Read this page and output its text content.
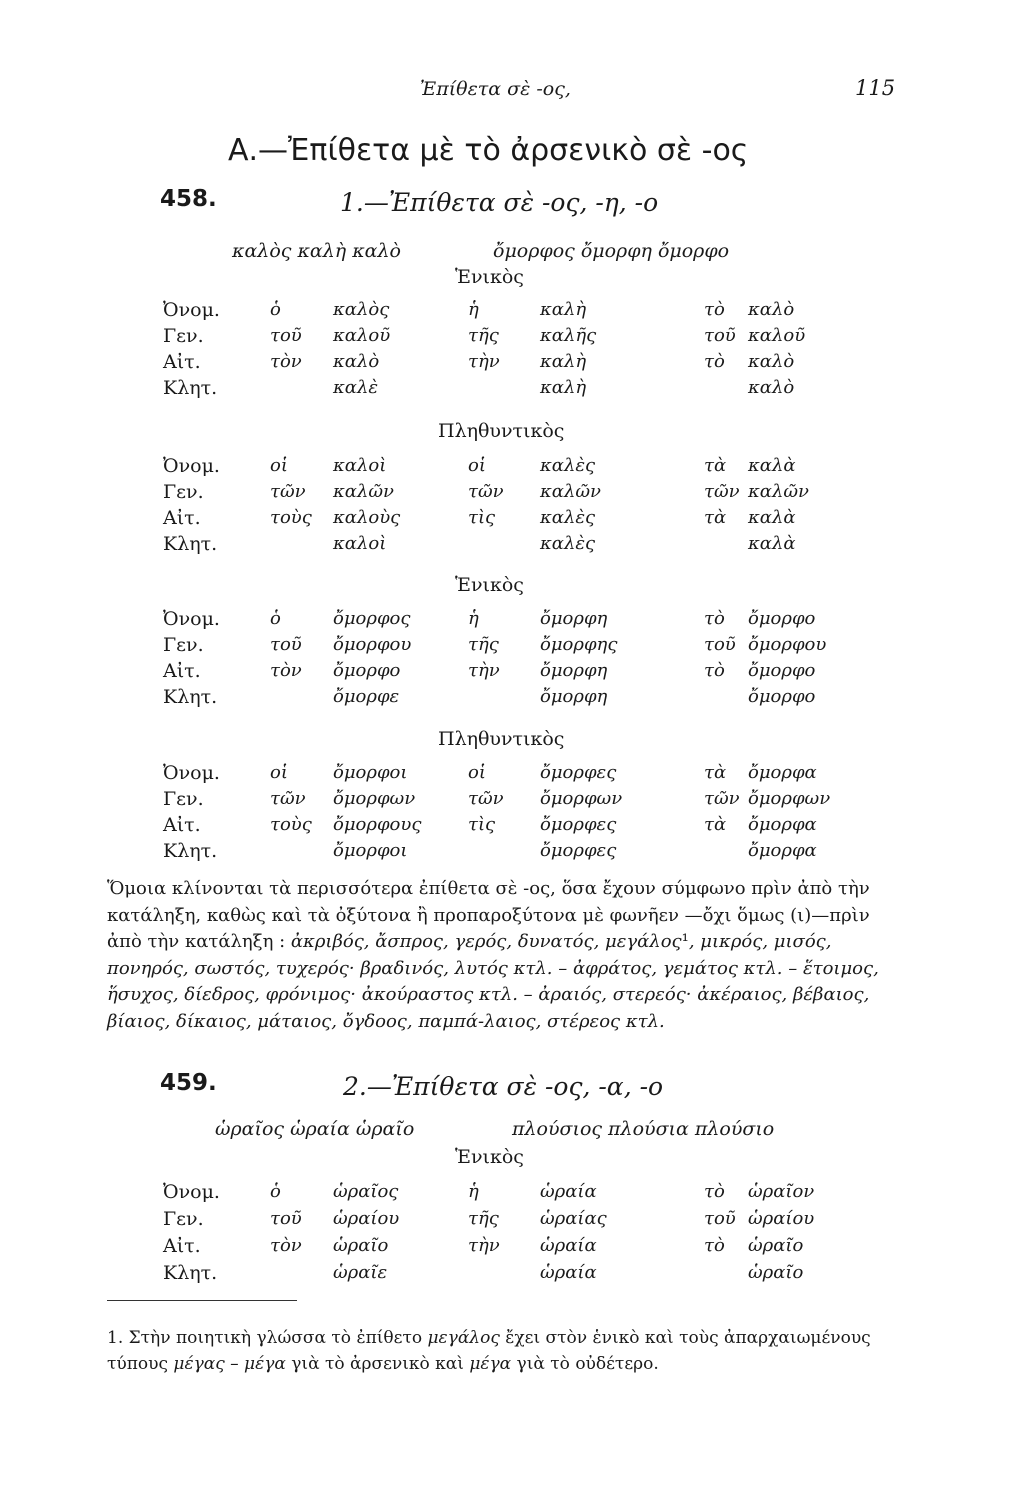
Ἐπίθετα σὲ -ος,	115
Α.—Ἐπίθετα μὲ τὸ ἀρσενικὸ σὲ -ος
458.	1.—Ἐπίθετα σὲ -ος, -η, -ο
καλὸς καλὴ καλὸ	ὄμορφος ὄμορφη ὄμορφο
Ἑνικὸς
Ὀνομ.	ὁ	καλὸς	ἡ	καλὴ	τὸ καλὸ
Γεν.	τοῦ καλοῦ	τῆς καλῆς	τοῦ καλοῦ
Αἰτ.	τὸν καλὸ	τὴν καλὴ	τὸ καλὸ
Κλητ.	καλὲ	καλὴ	καλὸ
Πληθυντικὸς
Ὀνομ.	οἱ	καλοὶ	οἱ	καλὲς	τὰ καλὰ
Γεν.	τῶν καλῶν	τῶν καλῶν	τῶν καλῶν
Αἰτ.	τοὺς καλοὺς	τὶς καλὲς	τὰ καλὰ
Κλητ.	καλοὶ	καλὲς	καλὰ
Ἑνικὸς
Ὀνομ.	ὁ	ὄμορφος	ἡ	ὄμορφη	τὸ ὄμορφο
Γεν.	τοῦ ὄμορφου	τῆς ὄμορφης	τοῦ ὄμορφου
Αἰτ.	τὸν ὄμορφο	τὴν ὄμορφη	τὸ ὄμορφο
Κλητ.	ὄμορφε	ὄμορφη	ὄμορφο
Πληθυντικὸς
Ὀνομ.	οἱ	ὄμορφοι	οἱ	ὄμορφες	τὰ ὄμορφα
Γεν.	τῶν ὄμορφων	τῶν ὄμορφων	τῶν ὄμορφων
Αἰτ.	τοὺς ὄμορφους	τὶς ὄμορφες	τὰ ὄμορφα
Κλητ.	ὄμορφοι	ὄμορφες	ὄμορφα
Ὅμοια κλίνονται τὰ περισσότερα ἐπίθετα σὲ -ος, ὅσα ἔχουν σύμφωνο πρὶν ἀπὸ τὴν κατάληξη, καθὼς καὶ τὰ ὀξύτονα ἢ προπαροξύτονα μὲ φωνῆεν —ὄχι ὅμως (ι)—πρὶν ἀπὸ τὴν κατάληξη : ἀκριβός, ἄσπρος, γερός, δυνατός, μεγάλος¹, μικρός, μισός, πονηρός, σωστός, τυχερός· βραδινός, λυτός κτλ. – ἀφράτος, γεμάτος κτλ. – ἕτοιμος, ἥσυχος, δίεδρος, φρόνιμος· ἀκούραστος κτλ. – ἀραιός, στερεός· ἀκέραιος, βέβαιος, βίαιος, δίκαιος, μάταιος, ὄγδοος, παμπά-λαιος, στέρεος κτλ.
459.	2.—Ἐπίθετα σὲ -ος, -α, -ο
ὡραῖος ὡραία ὡραῖο	πλούσιος πλούσια πλούσιο
Ἑνικὸς
Ὀνομ.	ὁ	ὡραῖος	ἡ	ὡραία	τὸ ὡραῖον
Γεν.	τοῦ ὡραίου	τῆς ὡραίας	τοῦ ὡραίου
Αἰτ.	τὸν ὡραῖο	τὴν ὡραία	τὸ ὡραῖο
Κλητ.	ὡραῖε	ὡραία	ὡραῖο
1. Στὴν ποιητικὴ γλώσσα τὸ ἐπίθετο μεγάλος ἔχει στὸν ἑνικὸ καὶ τοὺς ἀπαρχαιωμένους τύπους μέγας – μέγα γιὰ τὸ ἀρσενικὸ καὶ μέγα γιὰ τὸ οὐδέτερο.
